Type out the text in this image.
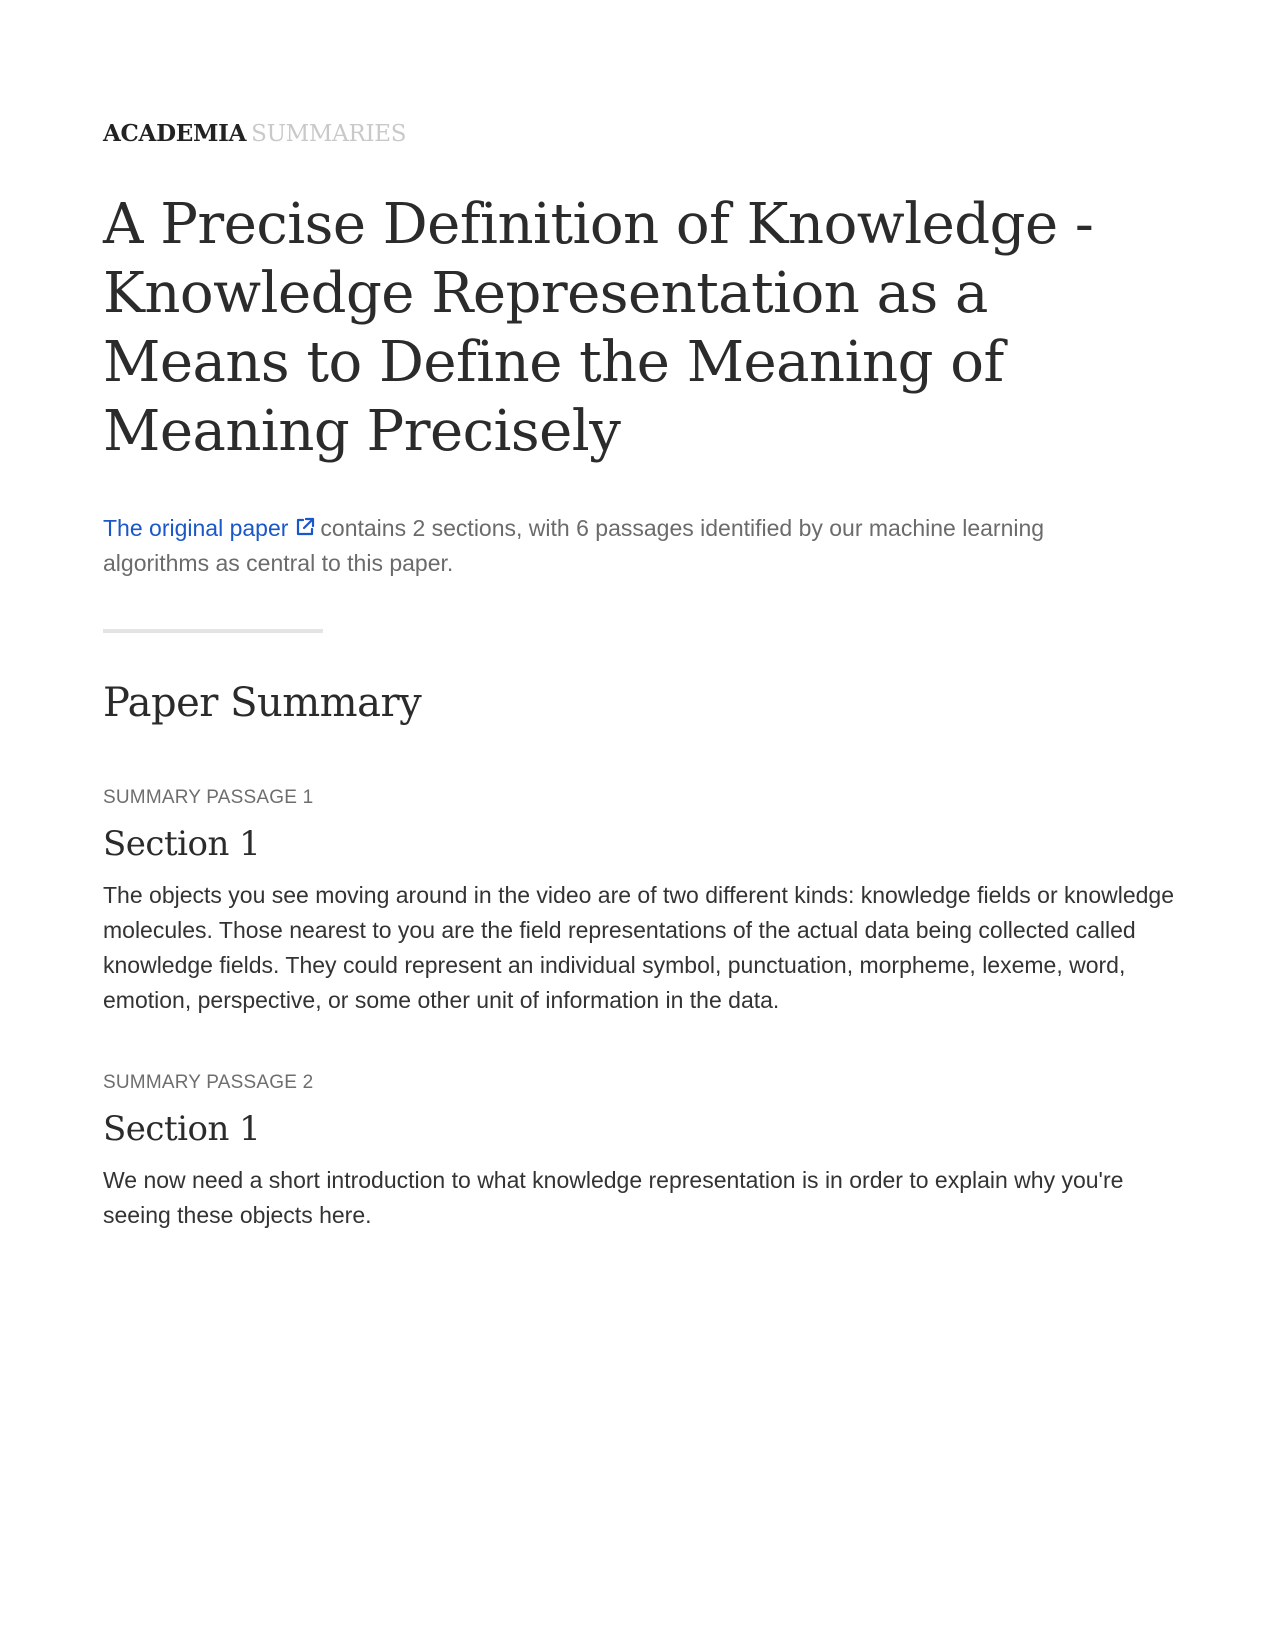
ACADEMIA SUMMARIES
A Precise Definition of Knowledge - Knowledge Representation as a Means to Define the Meaning of Meaning Precisely

The original paper contains 2 sections, with 6 passages identified by our machine learning algorithms as central to this paper.

Paper Summary
SUMMARY PASSAGE 1
Section 1
The objects you see moving around in the video are of two different kinds: knowledge fields or knowledge molecules. Those nearest to you are the field representations of the actual data being collected called knowledge fields. They could represent an individual symbol, punctuation, morpheme, lexeme, word, emotion, perspective, or some other unit of information in the data.
SUMMARY PASSAGE 2
Section 1
We now need a short introduction to what knowledge representation is in order to explain why you're seeing these objects here.
